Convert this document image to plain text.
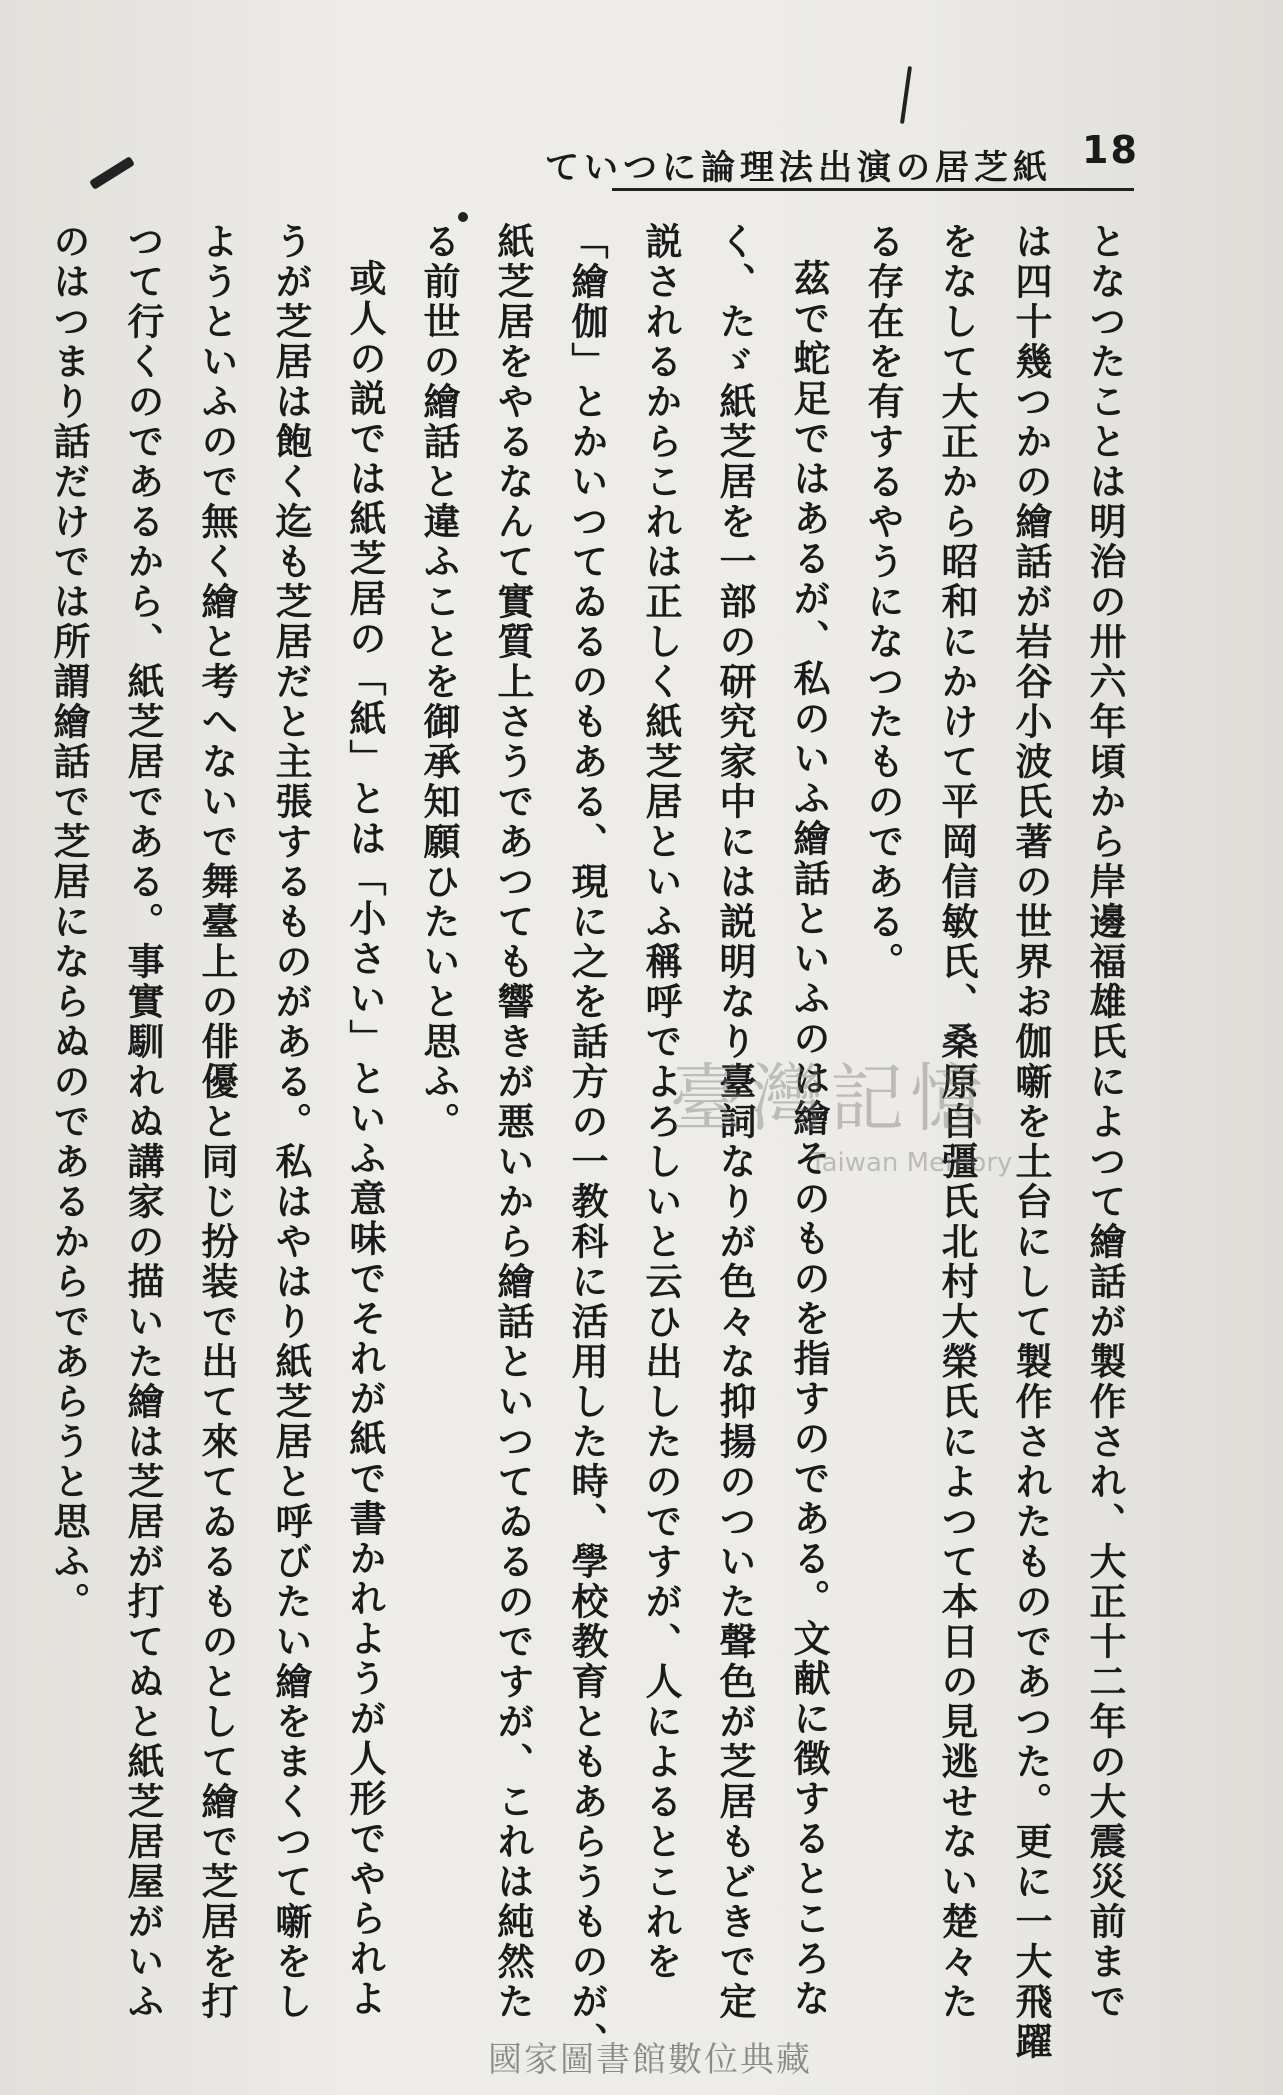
18
紙芝居の演出法理論について
となつたことは明治の卅六年頃から岸邊福雄氏によつて繪話が製作され、大正十二年の大震災前まで
は四十幾つかの繪話が岩谷小波氏著の世界お伽噺を土台にして製作されたものであつた。更に一大飛躍
をなして大正から昭和にかけて平岡信敏氏、桑原自彊氏北村大榮氏によつて本日の見逃せない楚々た
る存在を有するやうになつたものである。
茲で蛇足ではあるが、私のいふ繪話といふのは繪そのものを指すのである。文献に徴するところな
く、たゞ紙芝居を一部の研究家中には説明なり臺詞なりが色々な抑揚のついた聲色が芝居もどきで定
説されるからこれは正しく紙芝居といふ稱呼でよろしいと云ひ出したのですが、人によるとこれを
「繪伽」とかいつてゐるのもある、現に之を話方の一教科に活用した時、學校教育ともあらうものが、
紙芝居をやるなんて實質上さうであつても響きが悪いから繪話といつてゐるのですが、これは純然た
る前世の繪話と違ふことを御承知願ひたいと思ふ。
或人の説では紙芝居の「紙」とは「小さい」といふ意味でそれが紙で書かれようが人形でやられよ
うが芝居は飽く迄も芝居だと主張するものがある。私はやはり紙芝居と呼びたい繪をまくつて噺をし
ようといふので無く繪と考へないで舞臺上の俳優と同じ扮装で出て來てゐるものとして繪で芝居を打
つて行くのであるから、紙芝居である。事實馴れぬ講家の描いた繪は芝居が打てぬと紙芝居屋がいふ
のはつまり話だけでは所謂繪話で芝居にならぬのであるからであらうと思ふ。	臺灣記憶
Taiwan Memory
國家圖書館數位典藏
